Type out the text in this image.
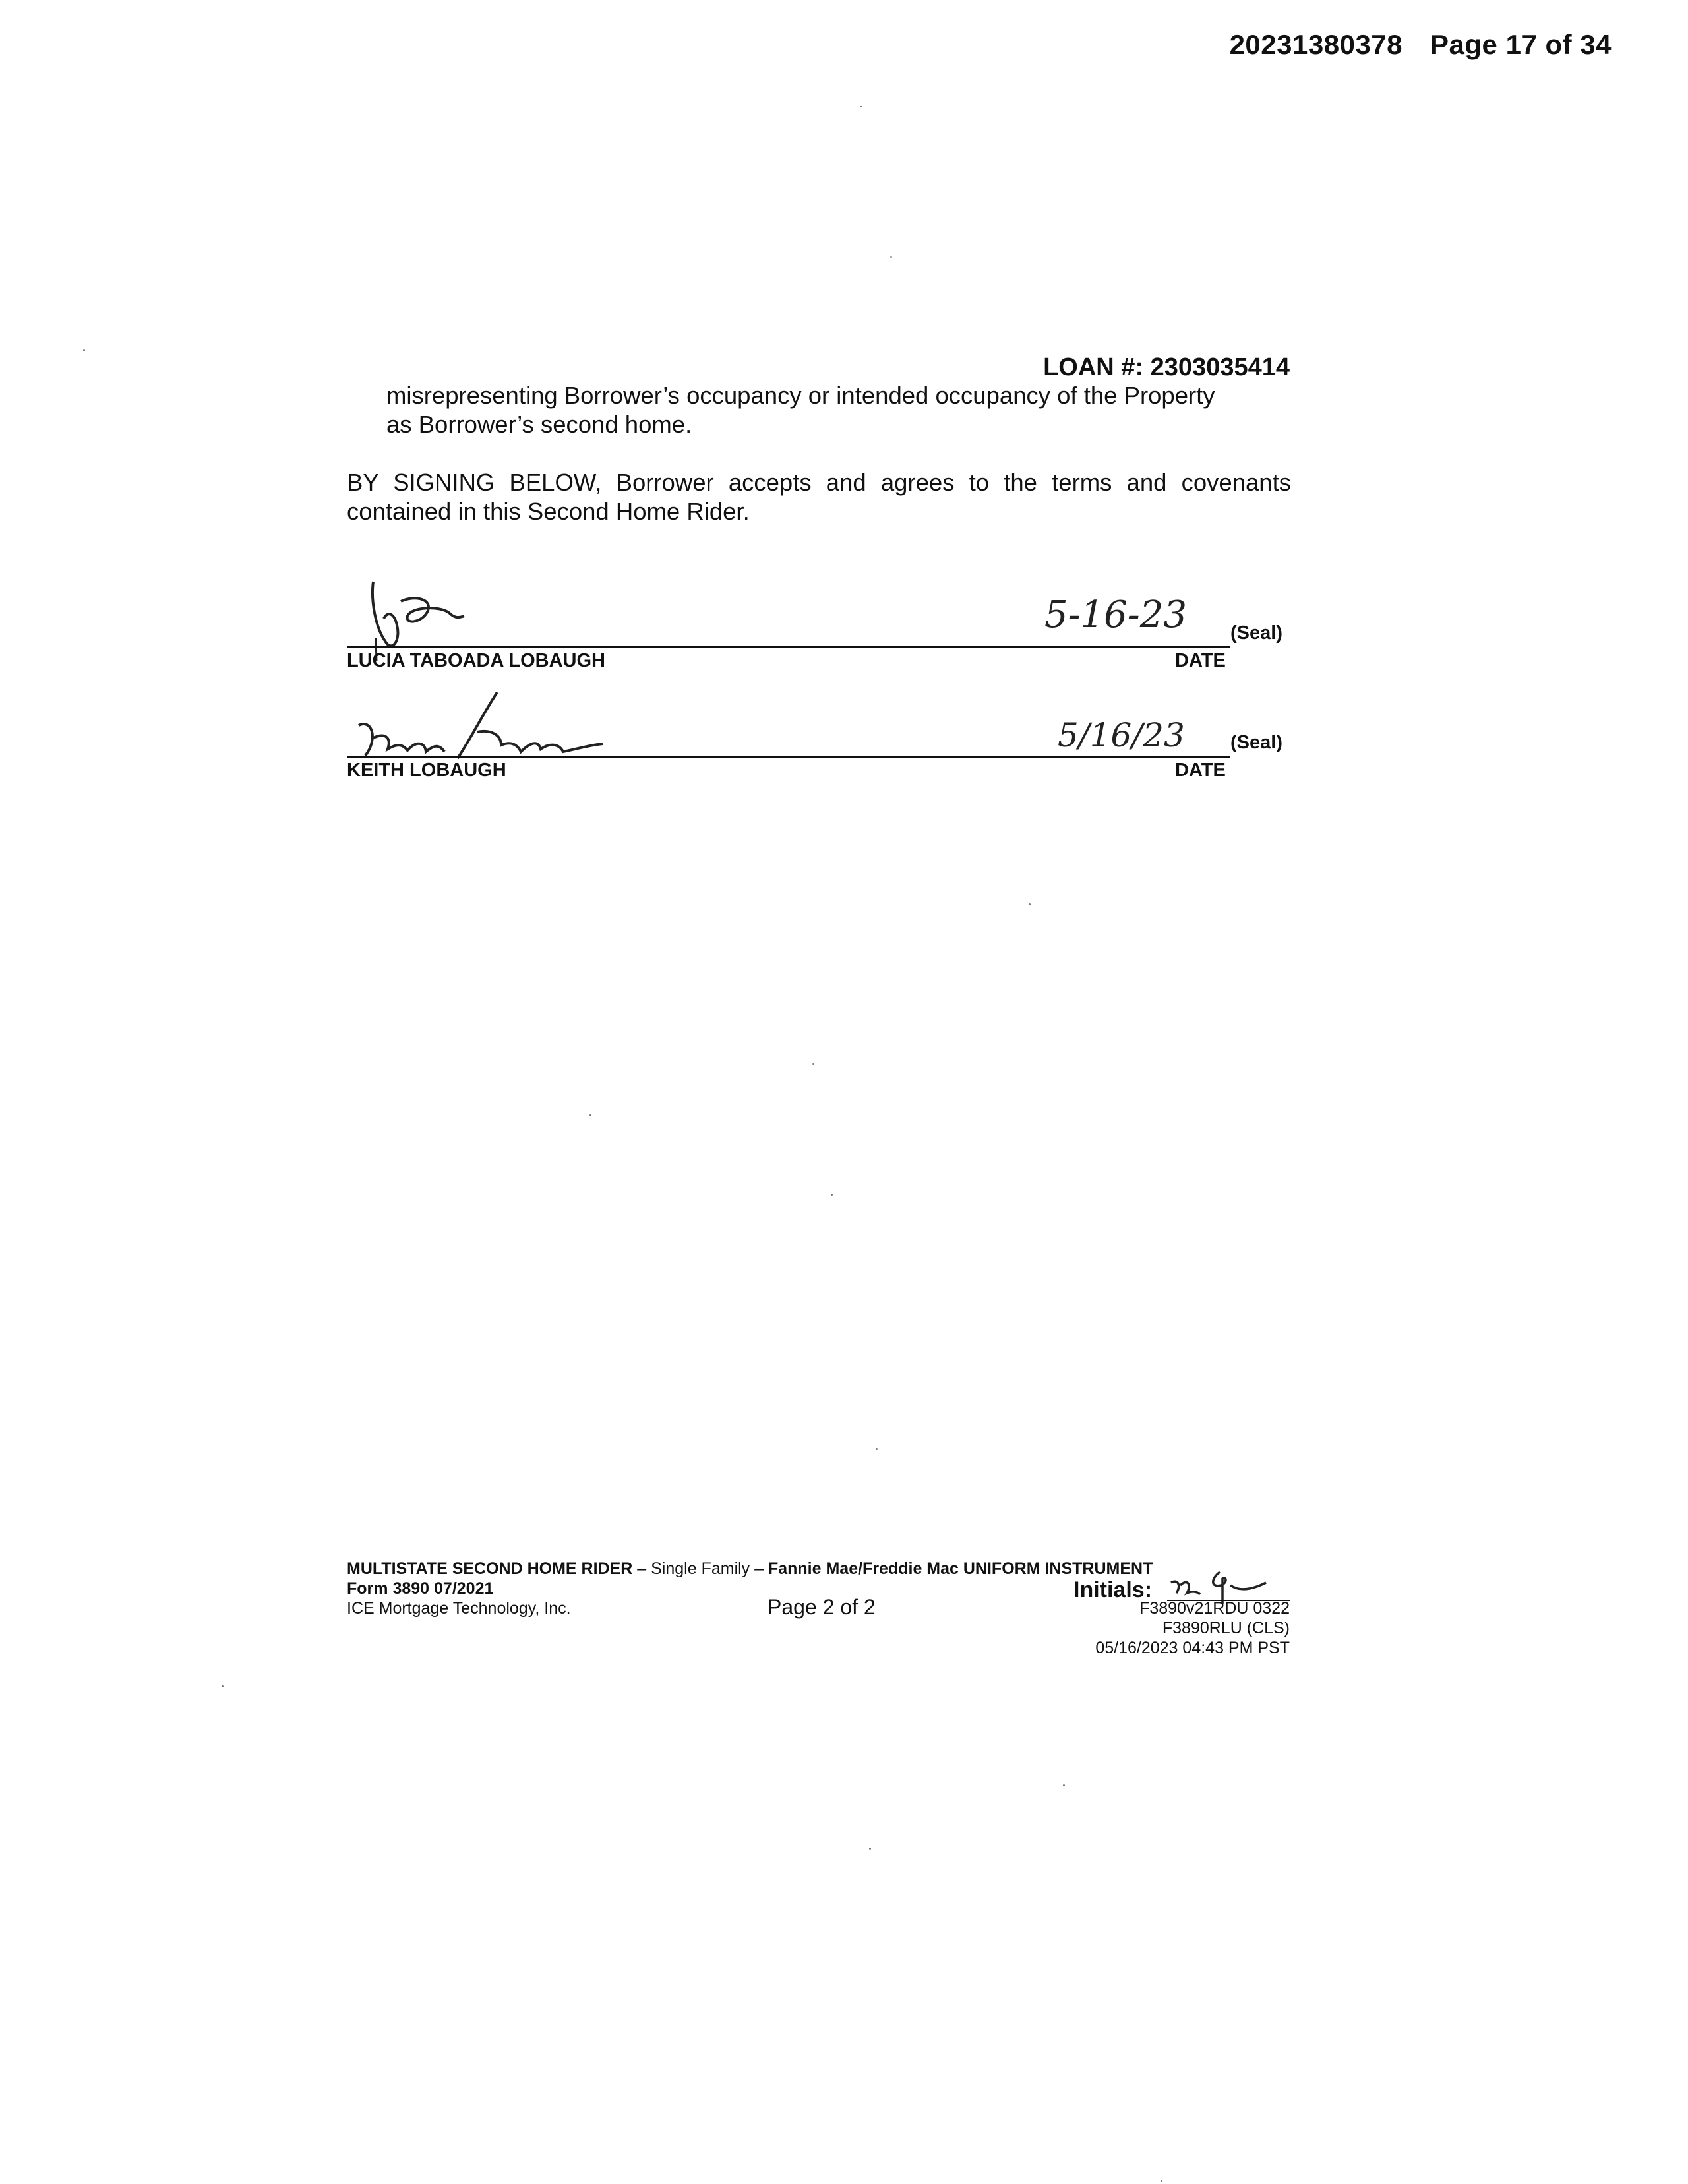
20231380378 Page 17 of 34
LOAN #: 2303035414
misrepresenting Borrower’s occupancy or intended occupancy of the Property
as Borrower’s second home.
BY SIGNING BELOW, Borrower accepts and agrees to the terms and covenants contained in this Second Home Rider.
5-16-23 (Seal)
LUCIA TABOADA LOBAUGH	DATE
5/16/23 (Seal)
KEITH LOBAUGH	DATE
MULTISTATE SECOND HOME RIDER – Single Family – Fannie Mae/Freddie Mac UNIFORM INSTRUMENT
Form 3890 07/2021
ICE Mortgage Technology, Inc.	Page 2 of 2
Initials:
F3890v21RDU 0322
F3890RLU (CLS)
05/16/2023 04:43 PM PST
